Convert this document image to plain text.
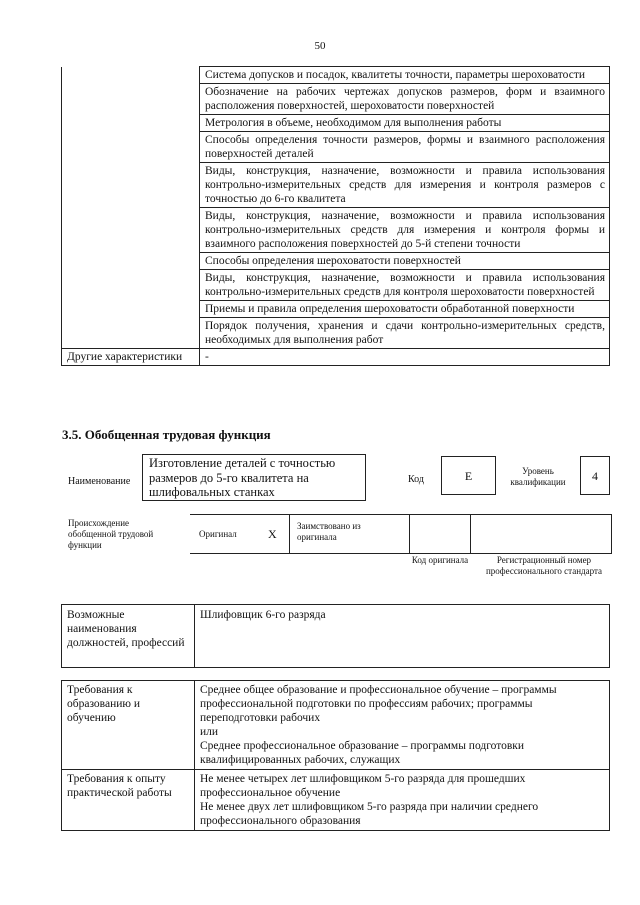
50
	Система допусков и посадок, квалитеты точности, параметры шероховатости
	Обозначение на рабочих чертежах допусков размеров, форм и взаимного расположения поверхностей, шероховатости поверхностей
	Метрология в объеме, необходимом для выполнения работы
	Способы определения точности размеров, формы и взаимного расположения поверхностей деталей
	Виды, конструкция, назначение, возможности и правила использования контрольно-измерительных средств для измерения и контроля размеров с точностью до 6-го квалитета
	Виды, конструкция, назначение, возможности и правила использования контрольно-измерительных средств для измерения и контроля формы и взаимного расположения поверхностей до 5-й степени точности
	Способы определения шероховатости поверхностей
	Виды, конструкция, назначение, возможности и правила использования контрольно-измерительных средств для контроля шероховатости поверхностей
	Приемы и правила определения шероховатости обработанной поверхности
	Порядок получения, хранения и сдачи контрольно-измерительных средств, необходимых для выполнения работ
Другие характеристики	-
3.5. Обобщенная трудовая функция
Наименование
Изготовление деталей с точностью размеров до 5-го квалитета на шлифовальных станках
Код	E	Уровень квалификации	4
Происхождение обобщенной трудовой функции
Оригинал	X
Заимствовано из оригинала
Код оригинала	Регистрационный номер профессионального стандарта
Возможные наименования должностей, профессий	Шлифовщик 6-го разряда
Требования к образованию и обучению	Среднее общее образование и профессиональное обучение – программы профессиональной подготовки по профессиям рабочих; программы переподготовки рабочих
или
Среднее профессиональное образование – программы подготовки квалифицированных рабочих, служащих

Требования к опыту практической работы	Не менее четырех лет шлифовщиком 5-го разряда для прошедших профессиональное обучение
Не менее двух лет шлифовщиком 5-го разряда при наличии среднего профессионального образования
